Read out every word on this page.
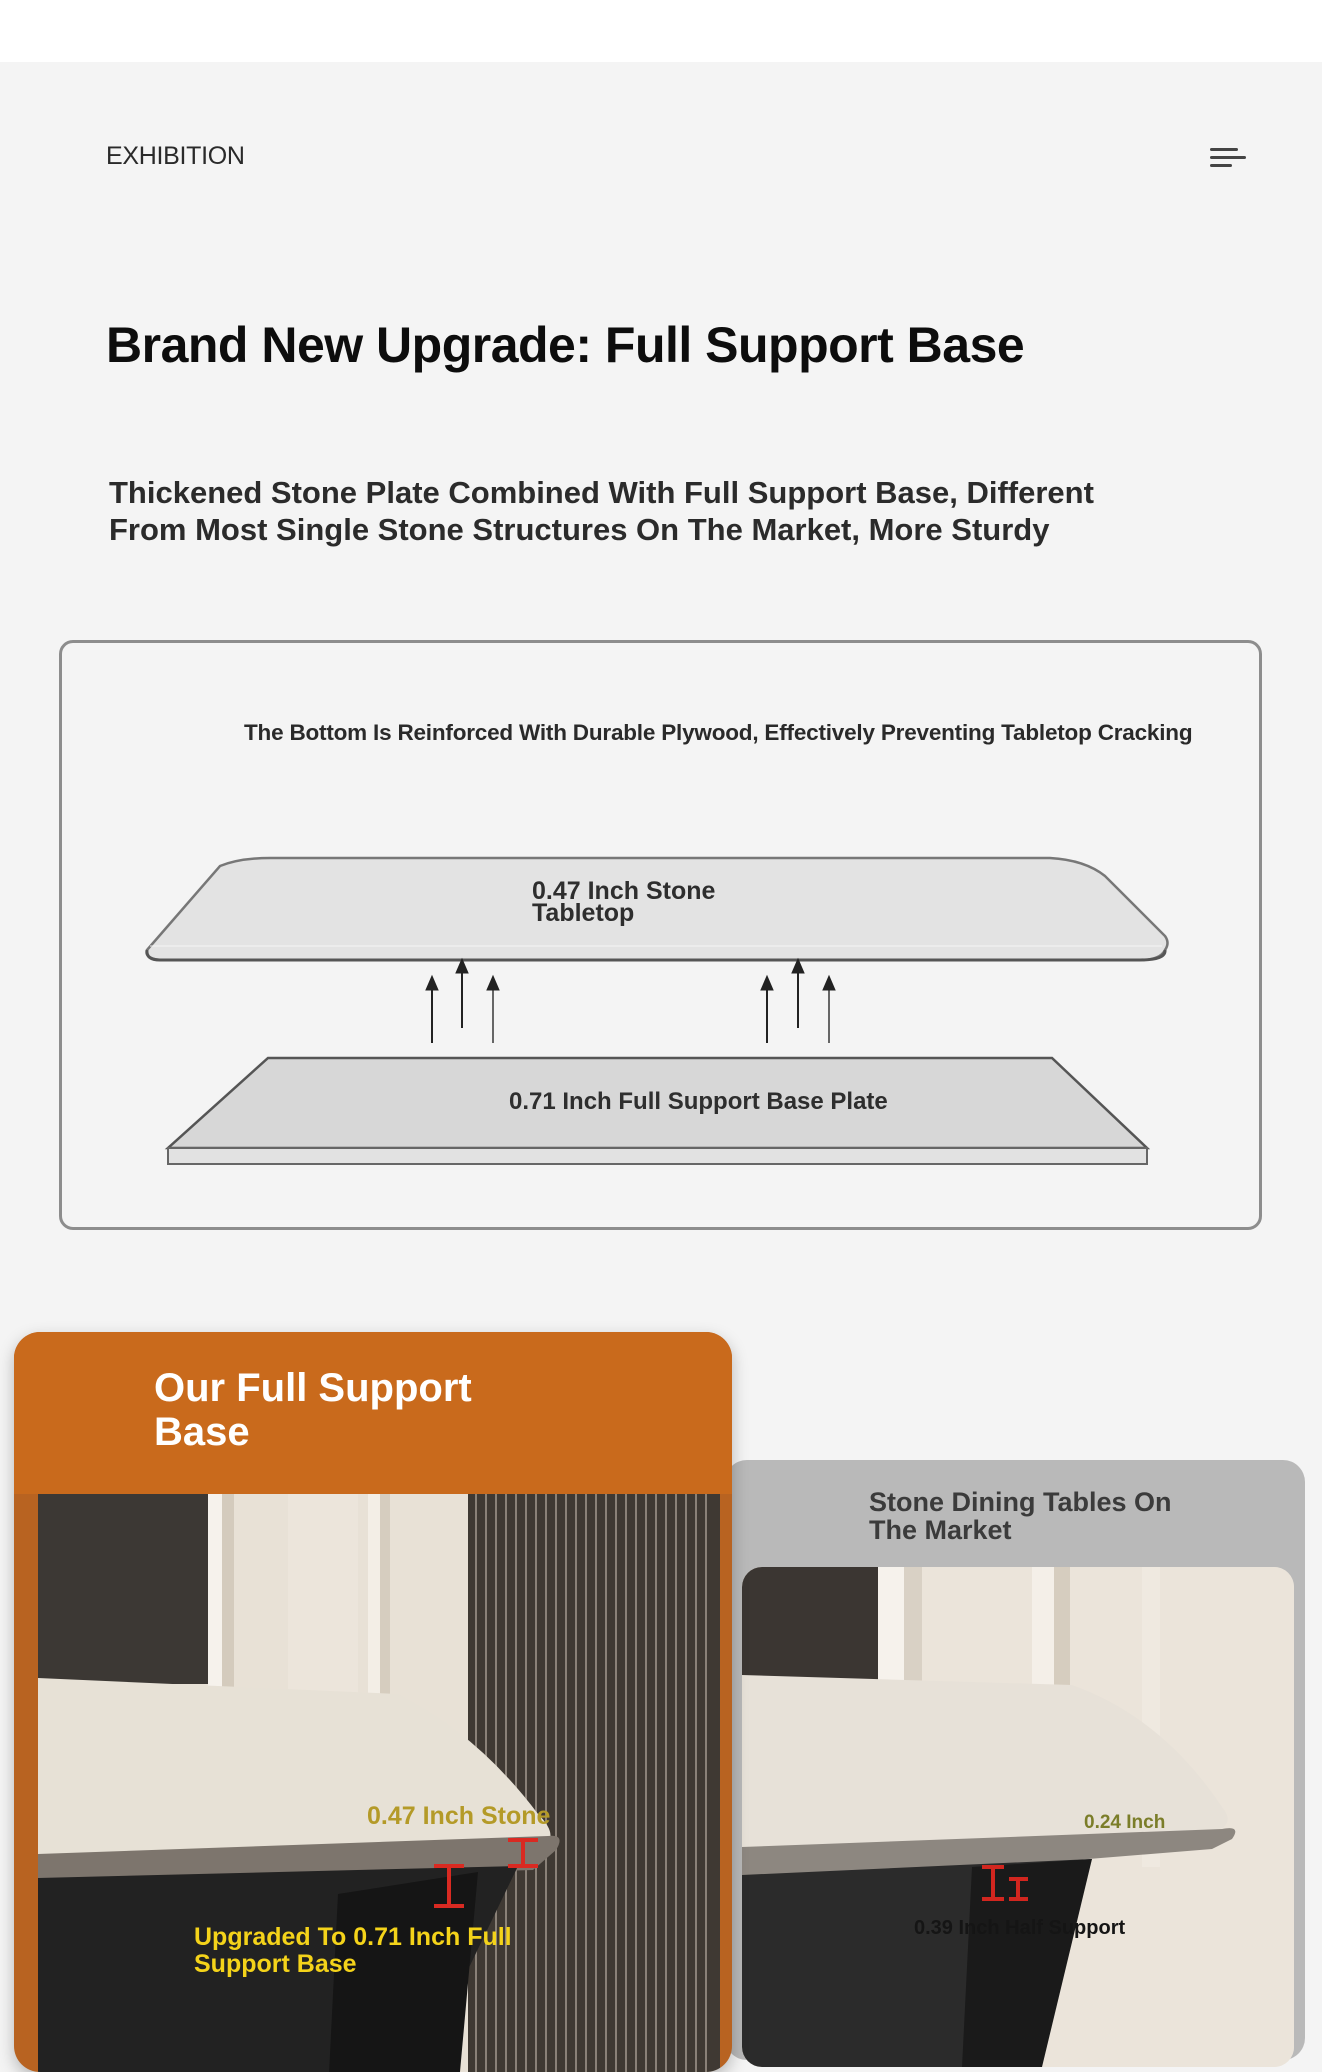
EXHIBITION
Brand New Upgrade: Full Support Base
Thickened Stone Plate Combined With Full Support Base, Different From Most Single Stone Structures On The Market, More Sturdy
The Bottom Is Reinforced With Durable Plywood, Effectively Preventing Tabletop Cracking
0.47 Inch Stone
Tabletop
0.71 Inch Full Support Base Plate
Stone Dining Tables On
The Market
Our Full Support
Base
0.47 Inch Stone
Upgraded To 0.71 Inch Full
Support Base
0.24 Inch
0.39 Inch Half Support
